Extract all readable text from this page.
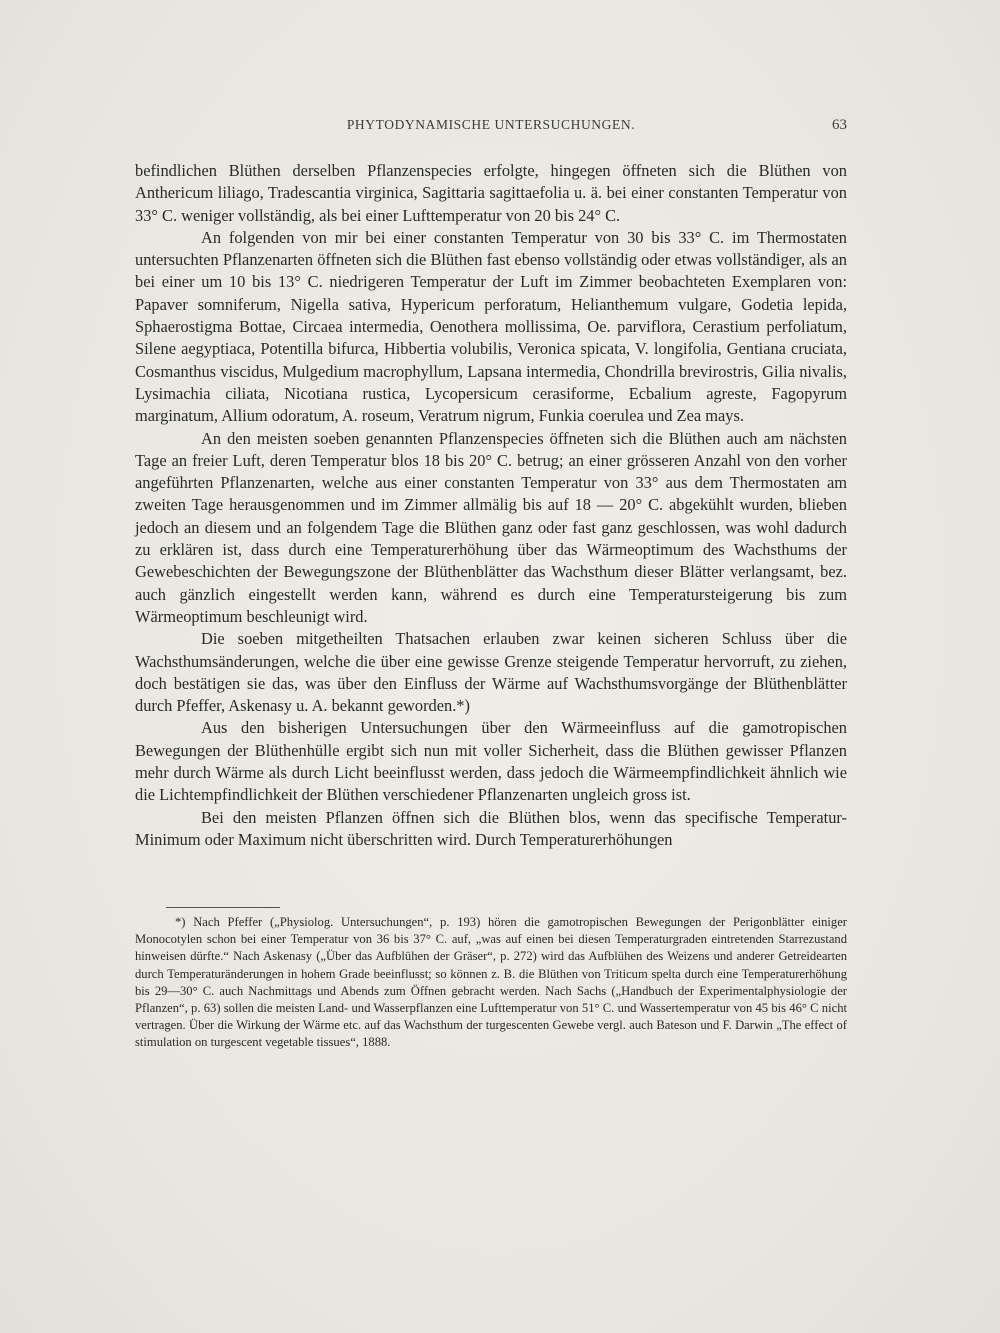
PHYTODYNAMISCHE UNTERSUCHUNGEN.	63

befindlichen Blüthen derselben Pflanzenspecies erfolgte, hingegen öffneten sich die Blüthen von Anthericum liliago, Tradescantia virginica, Sagittaria sagittaefolia u. ä. bei einer constanten Temperatur von 33° C. weniger vollständig, als bei einer Lufttemperatur von 20 bis 24° C.

An folgenden von mir bei einer constanten Temperatur von 30 bis 33° C. im Thermostaten untersuchten Pflanzenarten öffneten sich die Blüthen fast ebenso vollständig oder etwas vollständiger, als an bei einer um 10 bis 13° C. niedrigeren Temperatur der Luft im Zimmer beobachteten Exemplaren von: Papaver somniferum, Nigella sativa, Hypericum perforatum, Helianthemum vulgare, Godetia lepida, Sphaerostigma Bottae, Circaea intermedia, Oenothera mollissima, Oe. parviflora, Cerastium perfoliatum, Silene aegyptiaca, Potentilla bifurca, Hibbertia volubilis, Veronica spicata, V. longifolia, Gentiana cruciata, Cosmanthus viscidus, Mulgedium macrophyllum, Lapsana intermedia, Chondrilla brevirostris, Gilia nivalis, Lysimachia ciliata, Nicotiana rustica, Lycopersicum cerasiforme, Ecbalium agreste, Fagopyrum marginatum, Allium odoratum, A. roseum, Veratrum nigrum, Funkia coerulea und Zea mays.

An den meisten soeben genannten Pflanzenspecies öffneten sich die Blüthen auch am nächsten Tage an freier Luft, deren Temperatur blos 18 bis 20° C. betrug; an einer grösseren Anzahl von den vorher angeführten Pflanzenarten, welche aus einer constanten Temperatur von 33° aus dem Thermostaten am zweiten Tage herausgenommen und im Zimmer allmälig bis auf 18 — 20° C. abgekühlt wurden, blieben jedoch an diesem und an folgendem Tage die Blüthen ganz oder fast ganz geschlossen, was wohl dadurch zu erklären ist, dass durch eine Temperaturerhöhung über das Wärmeoptimum des Wachsthums der Gewebeschichten der Bewegungszone der Blüthenblätter das Wachsthum dieser Blätter verlangsamt, bez. auch gänzlich eingestellt werden kann, während es durch eine Temperatursteigerung bis zum Wärmeoptimum beschleunigt wird.

Die soeben mitgetheilten Thatsachen erlauben zwar keinen sicheren Schluss über die Wachsthumsänderungen, welche die über eine gewisse Grenze steigende Temperatur hervorruft, zu ziehen, doch bestätigen sie das, was über den Einfluss der Wärme auf Wachsthumsvorgänge der Blüthenblätter durch Pfeffer, Askenasy u. A. bekannt geworden.*)

Aus den bisherigen Untersuchungen über den Wärmeeinfluss auf die gamotropischen Bewegungen der Blüthenhülle ergibt sich nun mit voller Sicherheit, dass die Blüthen gewisser Pflanzen mehr durch Wärme als durch Licht beeinflusst werden, dass jedoch die Wärmeempfindlichkeit ähnlich wie die Lichtempfindlichkeit der Blüthen verschiedener Pflanzenarten ungleich gross ist.

Bei den meisten Pflanzen öffnen sich die Blüthen blos, wenn das specifische Temperatur-Minimum oder Maximum nicht überschritten wird. Durch Temperaturerhöhungen

*) Nach Pfeffer („Physiolog. Untersuchungen“, p. 193) hören die gamotropischen Bewegungen der Perigonblätter einiger Monocotylen schon bei einer Temperatur von 36 bis 37° C. auf, „was auf einen bei diesen Temperaturgraden eintretenden Starrezustand hinweisen dürfte.“ Nach Askenasy („Über das Aufblühen der Gräser“, p. 272) wird das Aufblühen des Weizens und anderer Getreidearten durch Temperaturänderungen in hohem Grade beeinflusst; so können z. B. die Blüthen von Triticum spelta durch eine Temperaturerhöhung bis 29—30° C. auch Nachmittags und Abends zum Öffnen gebracht werden. Nach Sachs („Handbuch der Experimentalphysiologie der Pflanzen“, p. 63) sollen die meisten Land- und Wasserpflanzen eine Lufttemperatur von 51° C. und Wassertemperatur von 45 bis 46° C nicht vertragen. Über die Wirkung der Wärme etc. auf das Wachsthum der turgescenten Gewebe vergl. auch Bateson und F. Darwin „The effect of stimulation on turgescent vegetable tissues“, 1888.
